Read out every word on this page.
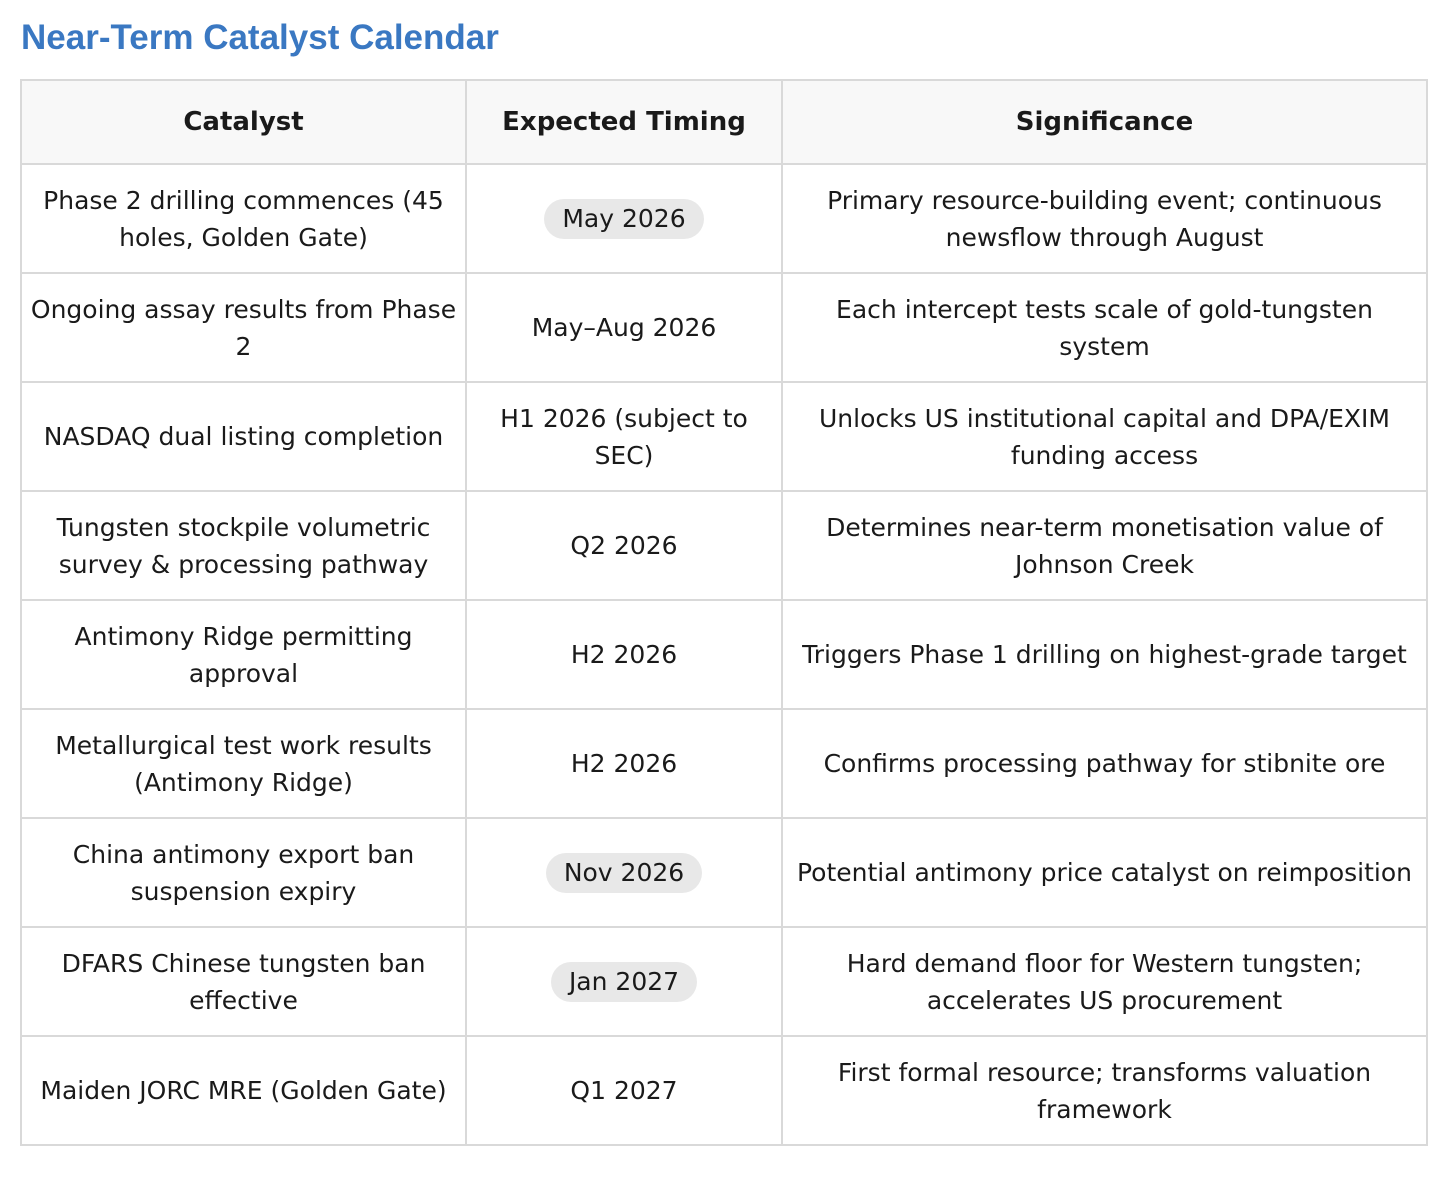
Near-Term Catalyst Calendar
Catalyst	Expected Timing	Significance
Phase 2 drilling commences (45 holes, Golden Gate)	May 2026	Primary resource-building event; continuous newsflow through August
Ongoing assay results from Phase 2	May–Aug 2026	Each intercept tests scale of gold-tungsten system
NASDAQ dual listing completion	H1 2026 (subject to SEC)	Unlocks US institutional capital and DPA/EXIM funding access
Tungsten stockpile volumetric survey & processing pathway	Q2 2026	Determines near-term monetisation value of Johnson Creek
Antimony Ridge permitting approval	H2 2026	Triggers Phase 1 drilling on highest-grade target
Metallurgical test work results (Antimony Ridge)	H2 2026	Confirms processing pathway for stibnite ore
China antimony export ban suspension expiry	Nov 2026	Potential antimony price catalyst on reimposition
DFARS Chinese tungsten ban effective	Jan 2027	Hard demand floor for Western tungsten; accelerates US procurement
Maiden JORC MRE (Golden Gate)	Q1 2027	First formal resource; transforms valuation framework
